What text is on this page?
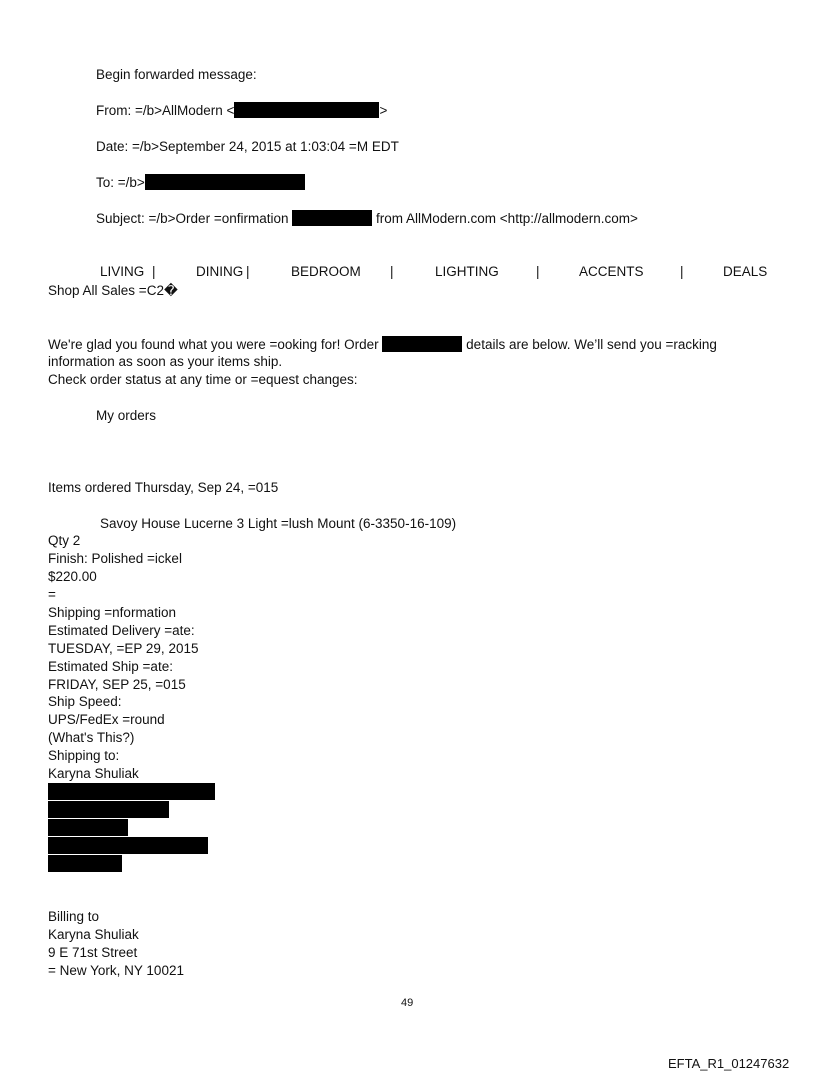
Begin forwarded message:
From: =/b>AllModern <	>
Date: =/b>September 24, 2015 at 1:03:04 =M EDT
To: =/b>
Subject: =/b>Order =onfirmation	from AllModern.com <http://allmodern.com>
LIVING |	DINING |	BEDROOM |	LIGHTING	|	ACCENTS	|	DEALS
Shop All Sales =C2�
We're glad you found what you were =ooking for! Order	details are below. We’ll send you =racking
information as soon as your items ship.
Check order status at any time or =equest changes:
My orders
Items ordered Thursday, Sep 24, =015
Savoy House Lucerne 3 Light =lush Mount (6-3350-16-109)
Qty 2
Finish: Polished =ickel
$220.00
=
Shipping =nformation
Estimated Delivery =ate:
TUESDAY, =EP 29, 2015
Estimated Ship =ate:
FRIDAY, SEP 25, =015
Ship Speed:
UPS/FedEx =round
(What's This?)
Shipping to:
Karyna Shuliak
Billing to
Karyna Shuliak
9 E 71st Street
= New York, NY 10021
49
EFTA_R1_01247632
